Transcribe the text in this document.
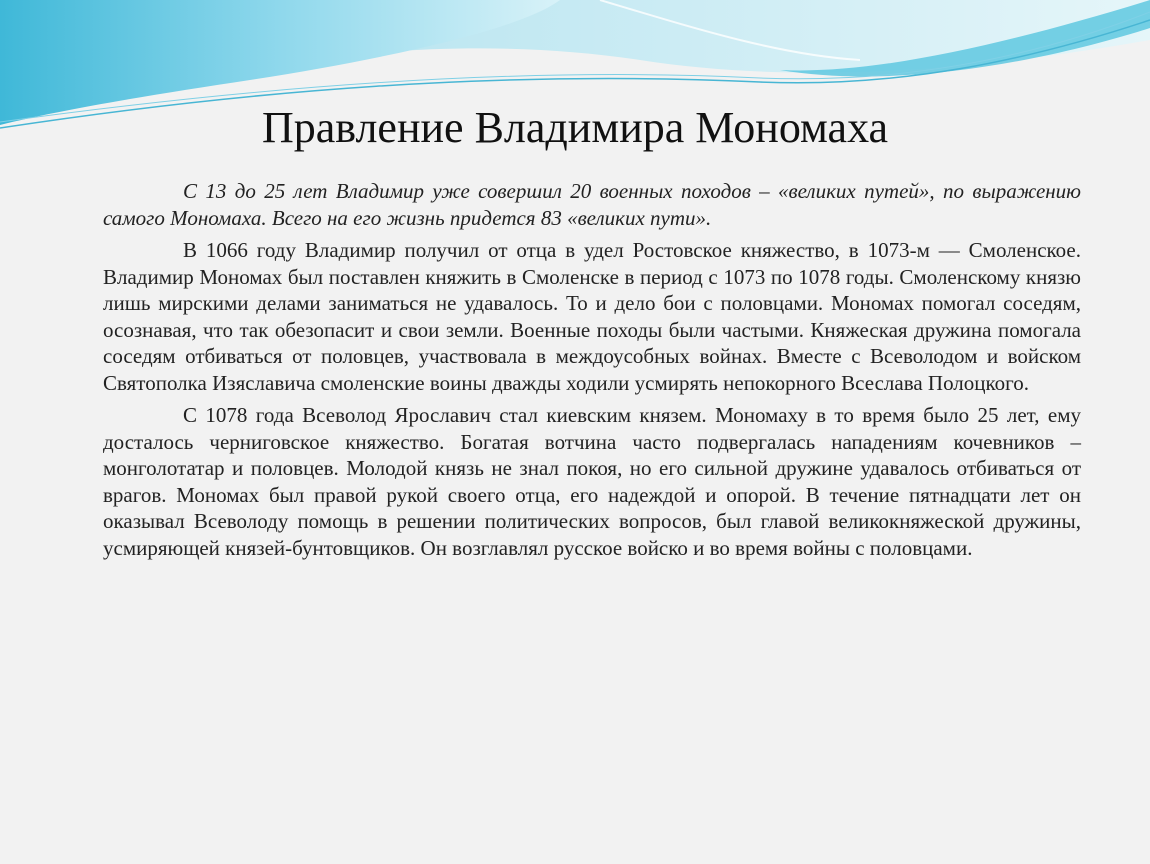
Правление Владимира Мономаха

С 13 до 25 лет Владимир уже совершил 20 военных походов – «великих путей», по выражению самого Мономаха. Всего на его жизнь придется 83 «великих пути».

В 1066 году Владимир получил от отца в удел Ростовское княжество, в 1073-м — Смоленское. Владимир Мономах был поставлен княжить в Смоленске в период с 1073 по 1078 годы. Смоленскому князю лишь мирскими делами заниматься не удавалось. То и дело бои с половцами. Мономах помогал соседям, осознавая, что так обезопасит и свои земли. Военные походы были частыми. Княжеская дружина помогала соседям отбиваться от половцев, участвовала в междоусобных войнах. Вместе с Всеволодом и войском Святополка Изяславича смоленские воины дважды ходили усмирять непокорного Всеслава Полоцкого.

С 1078 года Всеволод Ярославич стал киевским князем. Мономаху в то время было 25 лет, ему досталось черниговское княжество. Богатая вотчина часто подвергалась нападениям кочевников – монголотатар и половцев. Молодой князь не знал покоя, но его сильной дружине удавалось отбиваться от врагов. Мономах был правой рукой своего отца, его надеждой и опорой. В течение пятнадцати лет он оказывал Всеволоду помощь в решении политических вопросов, был главой великокняжеской дружины, усмиряющей князей-бунтовщиков. Он возглавлял русское войско и во время войны с половцами.
